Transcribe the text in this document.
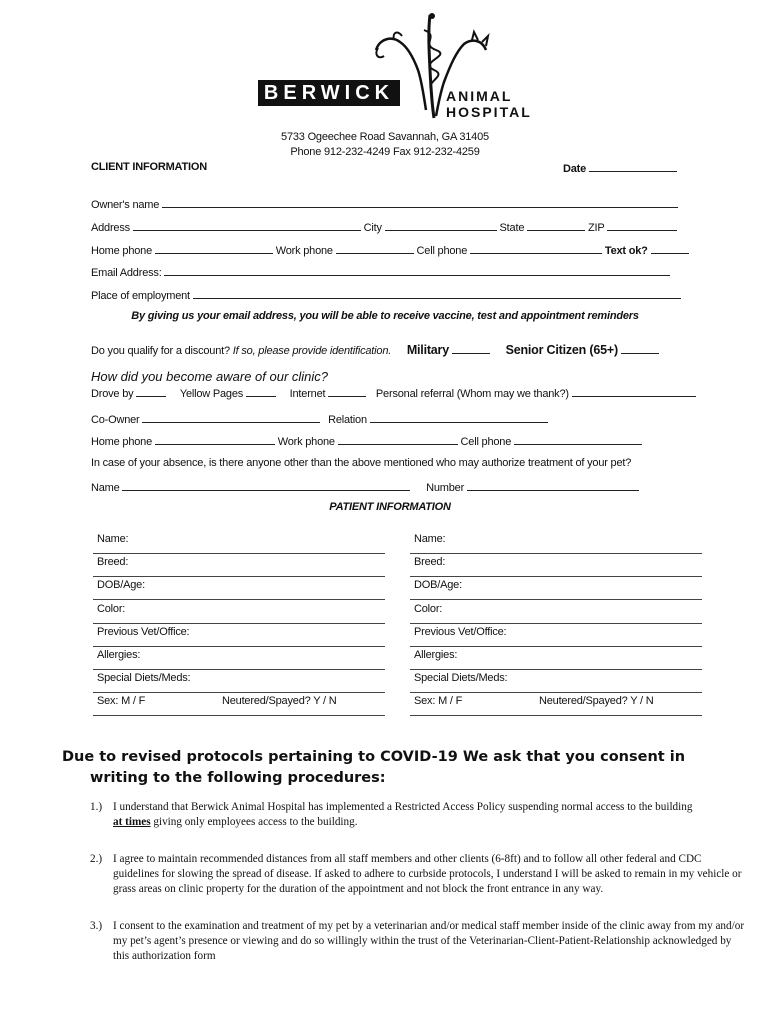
BERWICK	ANIMAL
HOSPITAL
5733 Ogeechee Road Savannah, GA 31405
Phone 912-232-4249 Fax 912-232-4259
CLIENT INFORMATION	Date
Owner's name
Address	City	State	ZIP
Home phone	Work phone	Cell phone	Text ok?
Email Address:
Place of employment
By giving us your email address, you will be able to receive vaccine, test and appointment reminders
Do you qualify for a discount? If so, please provide identification. Military	Senior Citizen (65+)
How did you become aware of our clinic?
Drove by	Yellow Pages	Internet	Personal referral (Whom may we thank?)
Co-Owner	Relation
Home phone	Work phone	Cell phone
In case of your absence, is there anyone other than the above mentioned who may authorize treatment of your pet?
Name	Number
PATIENT INFORMATION
Name:
Breed:
DOB/Age:
Color:
Previous Vet/Office:
Allergies:
Special Diets/Meds:
Sex: M / F	Neutered/Spayed? Y / N
Name:
Breed:
DOB/Age:
Color:
Previous Vet/Office:
Allergies:
Special Diets/Meds:
Sex: M / F	Neutered/Spayed? Y / N
Due to revised protocols pertaining to COVID-19 We ask that you consent in
writing to the following procedures:
1.) I understand that Berwick Animal Hospital has implemented a Restricted Access Policy suspending normal access to the building
at times giving only employees access to the building.
2.) I agree to maintain recommended distances from all staff members and other clients (6-8ft) and to follow all other federal and CDC guidelines for slowing the spread of disease. If asked to adhere to curbside protocols, I understand I will be asked to remain in my vehicle or grass areas on clinic property for the duration of the appointment and not block the front entrance in any way.
3.) I consent to the examination and treatment of my pet by a veterinarian and/or medical staff member inside of the clinic away from my and/or my pet’s agent’s presence or viewing and do so willingly within the trust of the Veterinarian-Client-Patient-Relationship acknowledged by this authorization form
